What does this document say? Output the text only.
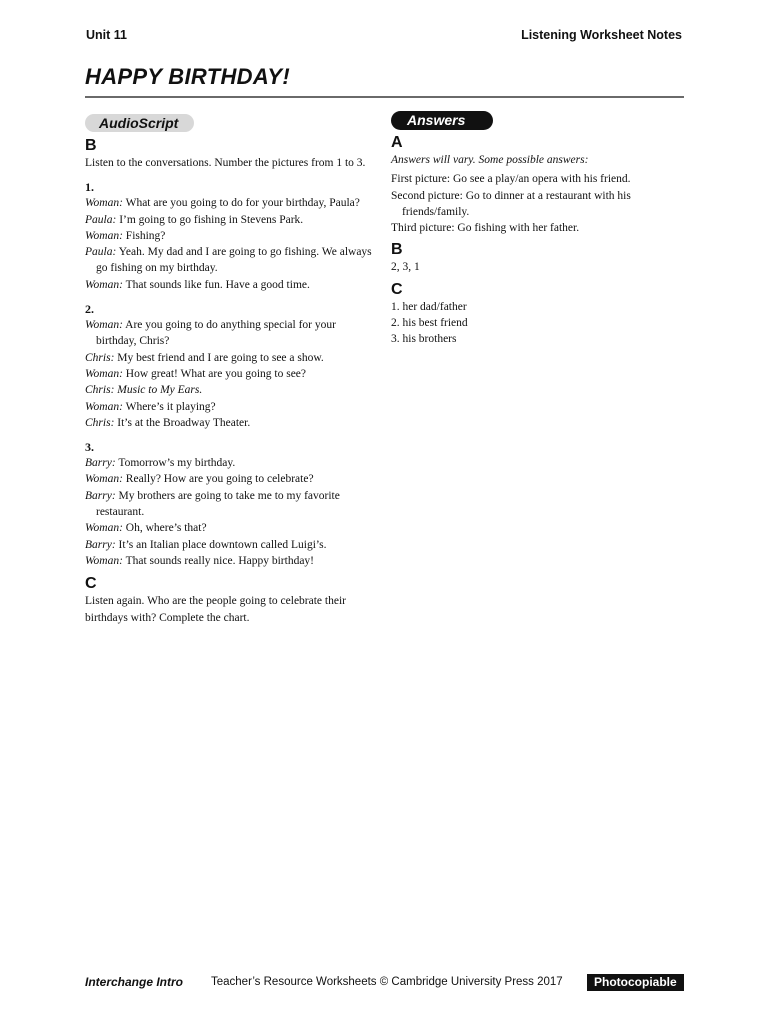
Unit 11	Listening Worksheet Notes
HAPPY BIRTHDAY!
AudioScript
B

Listen to the conversations. Number the pictures from 1 to 3.

1.
Woman: What are you going to do for your birthday, Paula?
Paula: I’m going to go fishing in Stevens Park.
Woman: Fishing?
Paula: Yeah. My dad and I are going to go fishing. We always go fishing on my birthday.
Woman: That sounds like fun. Have a good time.
2.
Woman: Are you going to do anything special for your birthday, Chris?
Chris: My best friend and I are going to see a show.
Woman: How great! What are you going to see?
Chris: Music to My Ears.
Woman: Where’s it playing?
Chris: It’s at the Broadway Theater.
3.
Barry: Tomorrow’s my birthday.
Woman: Really? How are you going to celebrate?
Barry: My brothers are going to take me to my favorite restaurant.
Woman: Oh, where’s that?
Barry: It’s an Italian place downtown called Luigi’s.
Woman: That sounds really nice. Happy birthday!
C

Listen again. Who are the people going to celebrate their birthdays with? Complete the chart.

Answers
A

Answers will vary. Some possible answers:

First picture: Go see a play/an opera with his friend.
Second picture: Go to dinner at a restaurant with his friends/family.
Third picture: Go fishing with her father.
B

2, 3, 1

C
1. her dad/father
2. his best friend
3. his brothers
Interchange Intro Teacher’s Resource Worksheets © Cambridge University Press 2017	Photocopiable
